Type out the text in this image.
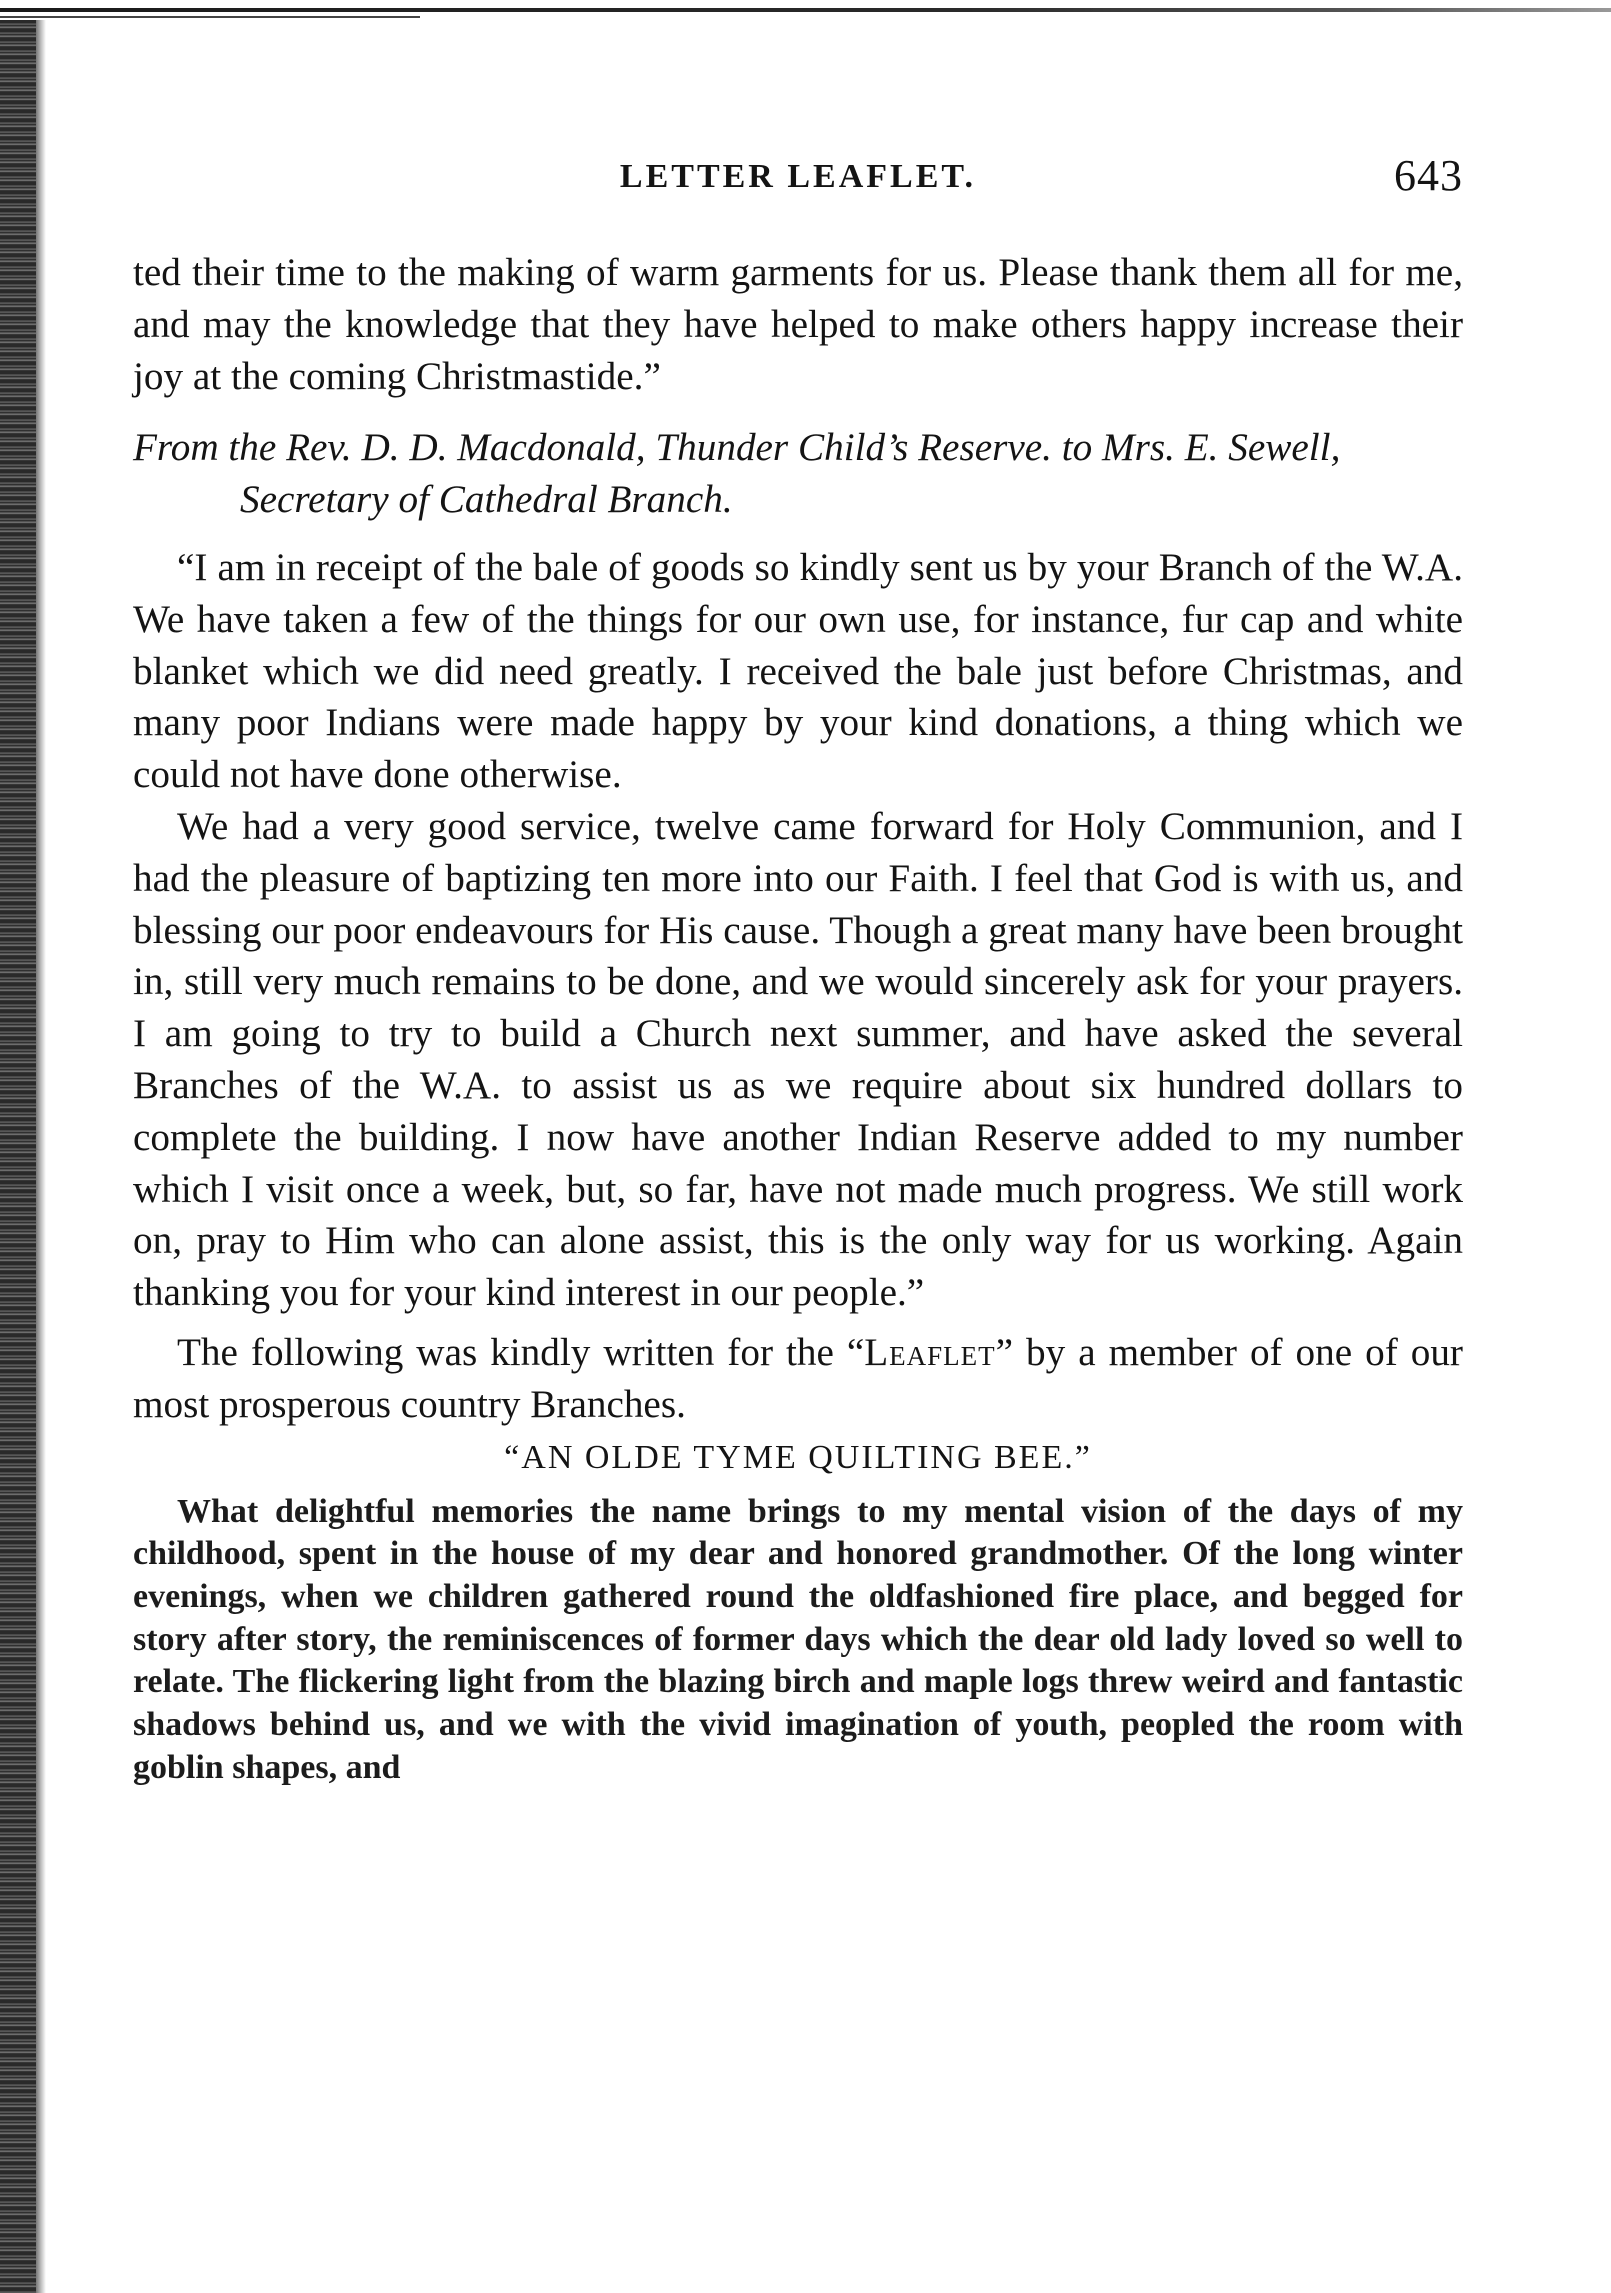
LETTER LEAFLET.	643

ted their time to the making of warm garments for us. Please thank them all for me, and may the knowledge that they have helped to make others happy increase their joy at the coming Christmastide.”

From the Rev. D. D. Macdonald, Thunder Child’s Reserve. to Mrs. E. Sewell, Secretary of Cathedral Branch.

“I am in receipt of the bale of goods so kindly sent us by your Branch of the W.A. We have taken a few of the things for our own use, for instance, fur cap and white blanket which we did need greatly. I received the bale just before Christmas, and many poor Indians were made happy by your kind donations, a thing which we could not have done otherwise.

We had a very good service, twelve came forward for Holy Communion, and I had the pleasure of baptizing ten more into our Faith. I feel that God is with us, and blessing our poor endeavours for His cause. Though a great many have been brought in, still very much remains to be done, and we would sincerely ask for your prayers. I am going to try to build a Church next summer, and have asked the several Branches of the W.A. to assist us as we require about six hundred dollars to complete the building. I now have another Indian Reserve added to my number which I visit once a week, but, so far, have not made much progress. We still work on, pray to Him who can alone assist, this is the only way for us working. Again thanking you for your kind interest in our people.”

The following was kindly written for the “Leaflet” by a member of one of our most prosperous country Branches.

“AN OLDE TYME QUILTING BEE.”

What delightful memories the name brings to my mental vision of the days of my childhood, spent in the house of my dear and honored grandmother. Of the long winter evenings, when we children gathered round the oldfashioned fire place, and begged for story after story, the reminiscences of former days which the dear old lady loved so well to relate. The flickering light from the blazing birch and maple logs threw weird and fantastic shadows behind us, and we with the vivid imagination of youth, peopled the room with goblin shapes, and
